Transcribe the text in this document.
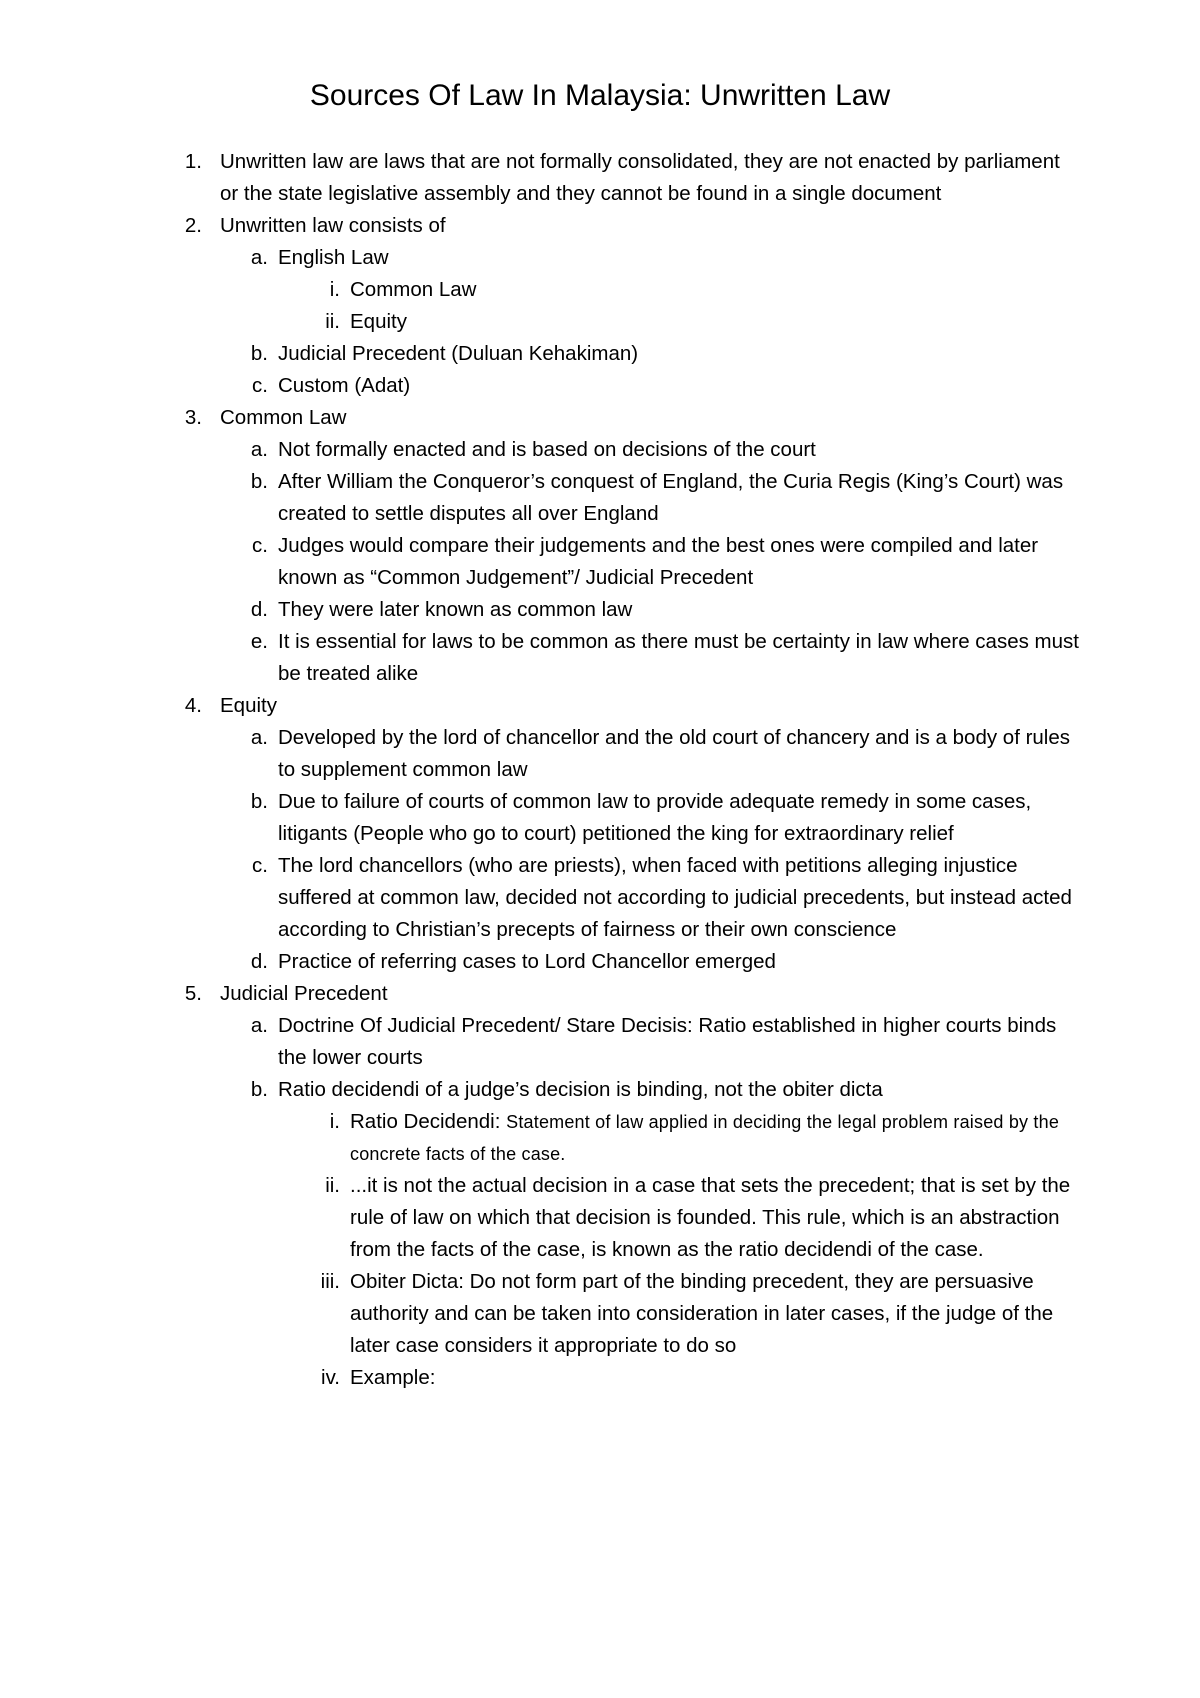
Sources Of Law In Malaysia: Unwritten Law
1. Unwritten law are laws that are not formally consolidated, they are not enacted by parliament or the state legislative assembly and they cannot be found in a single document
2. Unwritten law consists of
a. English Law
i. Common Law
ii. Equity
b. Judicial Precedent (Duluan Kehakiman)
c. Custom (Adat)
3. Common Law
a. Not formally enacted and is based on decisions of the court
b. After William the Conqueror’s conquest of England, the Curia Regis (King’s Court) was created to settle disputes all over England
c. Judges would compare their judgements and the best ones were compiled and later known as “Common Judgement”/ Judicial Precedent
d. They were later known as common law
e. It is essential for laws to be common as there must be certainty in law where cases must be treated alike
4. Equity
a. Developed by the lord of chancellor and the old court of chancery and is a body of rules to supplement common law
b. Due to failure of courts of common law to provide adequate remedy in some cases, litigants (People who go to court) petitioned the king for extraordinary relief
c. The lord chancellors (who are priests), when faced with petitions alleging injustice suffered at common law, decided not according to judicial precedents, but instead acted according to Christian’s precepts of fairness or their own conscience
d. Practice of referring cases to Lord Chancellor emerged
5. Judicial Precedent
a. Doctrine Of Judicial Precedent/ Stare Decisis: Ratio established in higher courts binds the lower courts
b. Ratio decidendi of a judge’s decision is binding, not the obiter dicta
i. Ratio Decidendi: Statement of law applied in deciding the legal problem raised by the concrete facts of the case.
ii. ...it is not the actual decision in a case that sets the precedent; that is set by the rule of law on which that decision is founded. This rule, which is an abstraction from the facts of the case, is known as the ratio decidendi of the case.
iii. Obiter Dicta: Do not form part of the binding precedent, they are persuasive authority and can be taken into consideration in later cases, if the judge of the later case considers it appropriate to do so
iv. Example:
